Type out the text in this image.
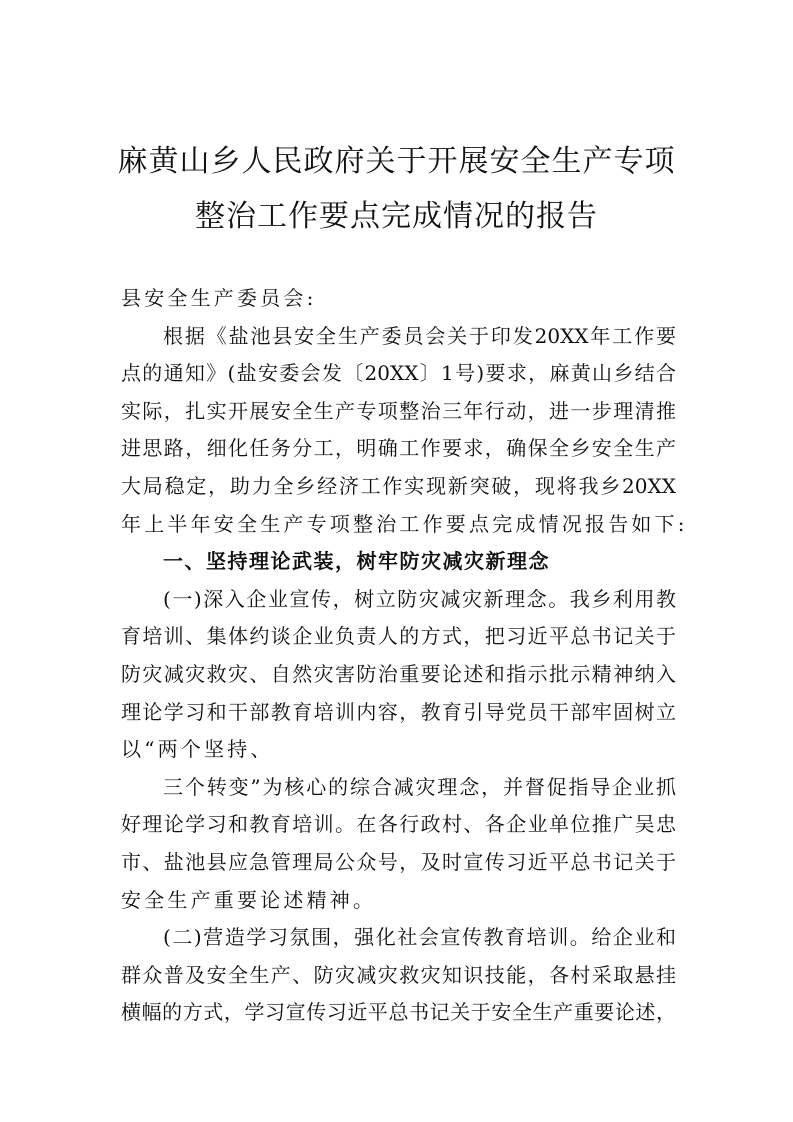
麻黄山乡人民政府关于开展安全生产专项
整治工作要点完成情况的报告
县安全生产委员会:
根据《盐池县安全生产委员会关于印发20XX年工作要
点的通知》(盐安委会发〔20XX〕1号)要求，麻黄山乡结合
实际，扎实开展安全生产专项整治三年行动，进一步理清推
进思路，细化任务分工，明确工作要求，确保全乡安全生产
大局稳定，助力全乡经济工作实现新突破，现将我乡20XX
年上半年安全生产专项整治工作要点完成情况报告如下:
一、坚持理论武装，树牢防灾减灾新理念
(一)深入企业宣传，树立防灾减灾新理念。我乡利用教
育培训、集体约谈企业负责人的方式，把习近平总书记关于
防灾减灾救灾、自然灾害防治重要论述和指示批示精神纳入
理论学习和干部教育培训内容，教育引导党员干部牢固树立
以“两个坚持、
三个转变”为核心的综合减灾理念，并督促指导企业抓
好理论学习和教育培训。在各行政村、各企业单位推广吴忠
市、盐池县应急管理局公众号，及时宣传习近平总书记关于
安全生产重要论述精神。
(二)营造学习氛围，强化社会宣传教育培训。给企业和
群众普及安全生产、防灾减灾救灾知识技能，各村采取悬挂
横幅的方式，学习宣传习近平总书记关于安全生产重要论述，
